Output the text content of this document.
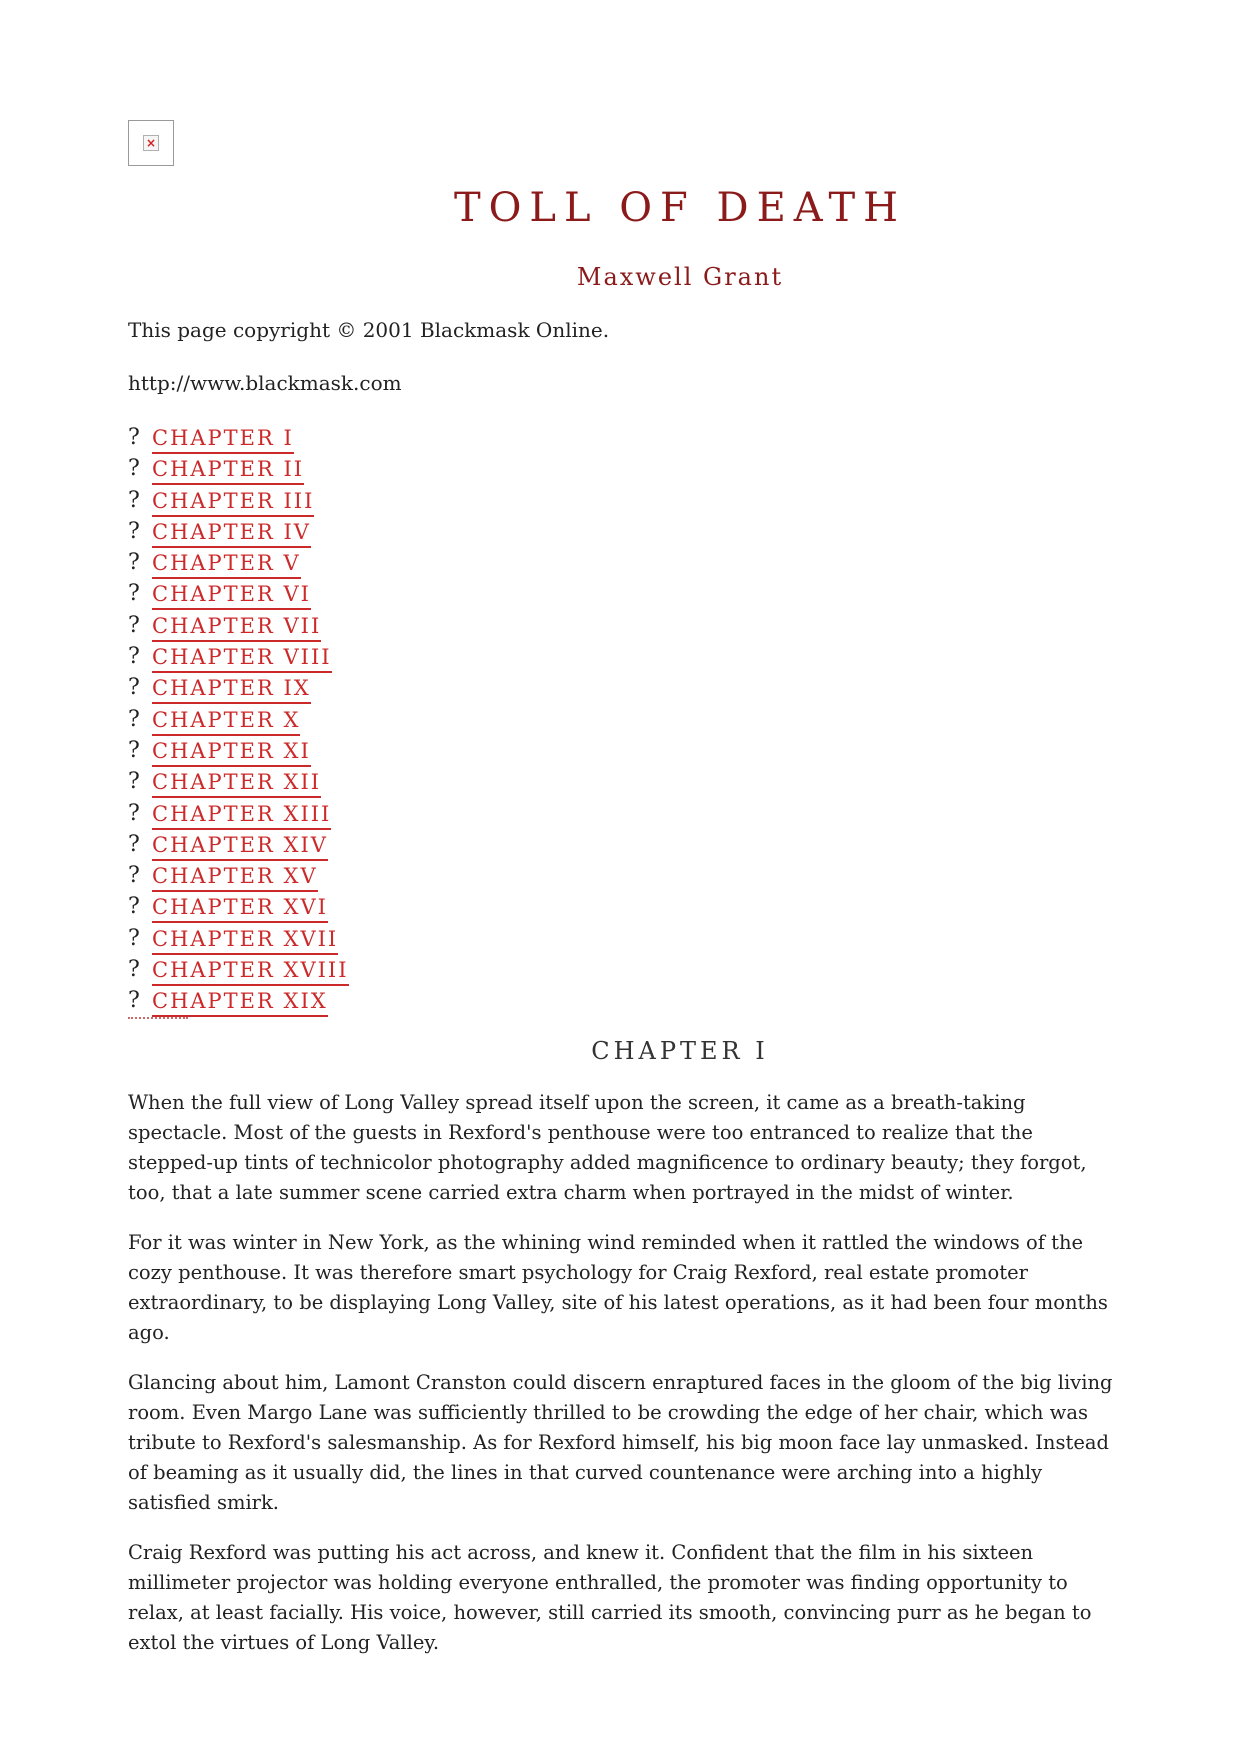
×
TOLL OF DEATH
Maxwell Grant
This page copyright © 2001 Blackmask Online.
http://www.blackmask.com
? CHAPTER I
? CHAPTER II
? CHAPTER III
? CHAPTER IV
? CHAPTER V
? CHAPTER VI
? CHAPTER VII
? CHAPTER VIII
? CHAPTER IX
? CHAPTER X
? CHAPTER XI
? CHAPTER XII
? CHAPTER XIII
? CHAPTER XIV
? CHAPTER XV
? CHAPTER XVI
? CHAPTER XVII
? CHAPTER XVIII
? CHAPTER XIX
CHAPTER I

When the full view of Long Valley spread itself upon the screen, it came as a breath-taking spectacle. Most of the guests in Rexford's penthouse were too entranced to realize that the stepped-up tints of technicolor photography added magnificence to ordinary beauty; they forgot, too, that a late summer scene carried extra charm when portrayed in the midst of winter.

For it was winter in New York, as the whining wind reminded when it rattled the windows of the cozy penthouse. It was therefore smart psychology for Craig Rexford, real estate promoter extraordinary, to be displaying Long Valley, site of his latest operations, as it had been four months ago.

Glancing about him, Lamont Cranston could discern enraptured faces in the gloom of the big living room. Even Margo Lane was sufficiently thrilled to be crowding the edge of her chair, which was tribute to Rexford's salesmanship. As for Rexford himself, his big moon face lay unmasked. Instead of beaming as it usually did, the lines in that curved countenance were arching into a highly satisfied smirk.

Craig Rexford was putting his act across, and knew it. Confident that the film in his sixteen millimeter projector was holding everyone enthralled, the promoter was finding opportunity to relax, at least facially. His voice, however, still carried its smooth, convincing purr as he began to extol the virtues of Long Valley.
